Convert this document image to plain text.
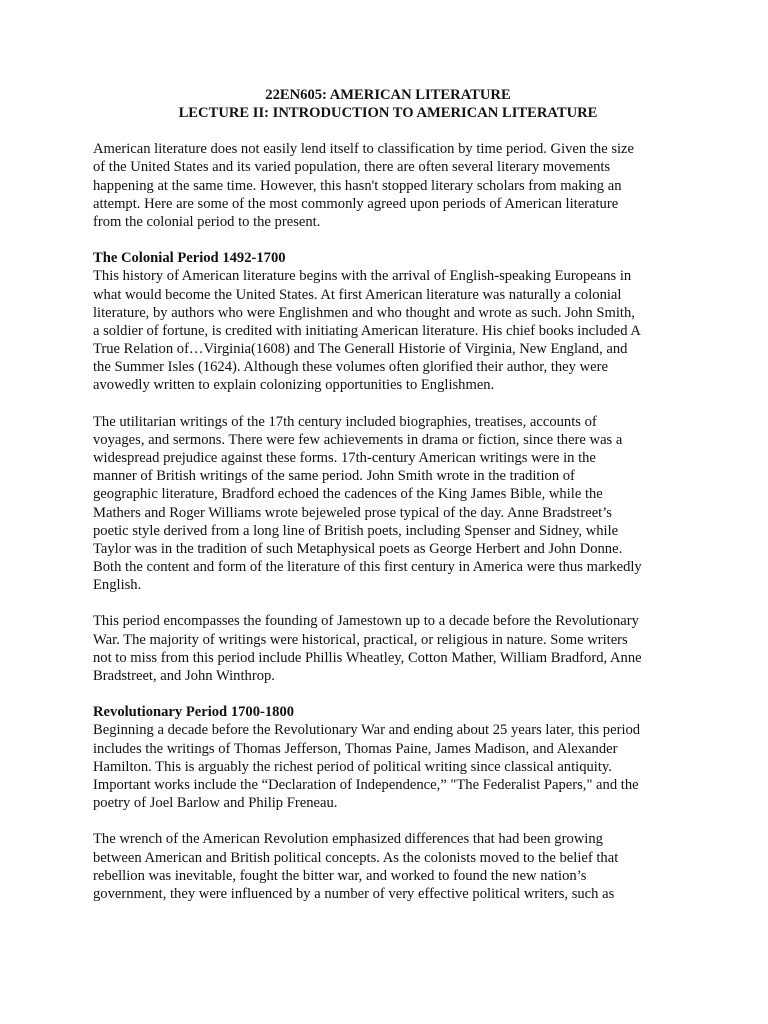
22EN605: AMERICAN LITERATURE
LECTURE II: INTRODUCTION TO AMERICAN LITERATURE

American literature does not easily lend itself to classification by time period. Given the size
of the United States and its varied population, there are often several literary movements
happening at the same time. However, this hasn't stopped literary scholars from making an
attempt. Here are some of the most commonly agreed upon periods of American literature
from the colonial period to the present.

The Colonial Period 1492-1700
This history of American literature begins with the arrival of English-speaking Europeans in
what would become the United States. At first American literature was naturally a colonial
literature, by authors who were Englishmen and who thought and wrote as such. John Smith,
a soldier of fortune, is credited with initiating American literature. His chief books included A
True Relation of…Virginia(1608) and The Generall Historie of Virginia, New England, and
the Summer Isles (1624). Although these volumes often glorified their author, they were
avowedly written to explain colonizing opportunities to Englishmen.

The utilitarian writings of the 17th century included biographies, treatises, accounts of
voyages, and sermons. There were few achievements in drama or fiction, since there was a
widespread prejudice against these forms. 17th-century American writings were in the
manner of British writings of the same period. John Smith wrote in the tradition of
geographic literature, Bradford echoed the cadences of the King James Bible, while the
Mathers and Roger Williams wrote bejeweled prose typical of the day. Anne Bradstreet’s
poetic style derived from a long line of British poets, including Spenser and Sidney, while
Taylor was in the tradition of such Metaphysical poets as George Herbert and John Donne.
Both the content and form of the literature of this first century in America were thus markedly
English.

This period encompasses the founding of Jamestown up to a decade before the Revolutionary
War. The majority of writings were historical, practical, or religious in nature. Some writers
not to miss from this period include Phillis Wheatley, Cotton Mather, William Bradford, Anne
Bradstreet, and John Winthrop.

Revolutionary Period 1700-1800
Beginning a decade before the Revolutionary War and ending about 25 years later, this period
includes the writings of Thomas Jefferson, Thomas Paine, James Madison, and Alexander
Hamilton. This is arguably the richest period of political writing since classical antiquity.
Important works include the “Declaration of Independence,” "The Federalist Papers," and the
poetry of Joel Barlow and Philip Freneau.

The wrench of the American Revolution emphasized differences that had been growing
between American and British political concepts. As the colonists moved to the belief that
rebellion was inevitable, fought the bitter war, and worked to found the new nation’s
government, they were influenced by a number of very effective political writers, such as
